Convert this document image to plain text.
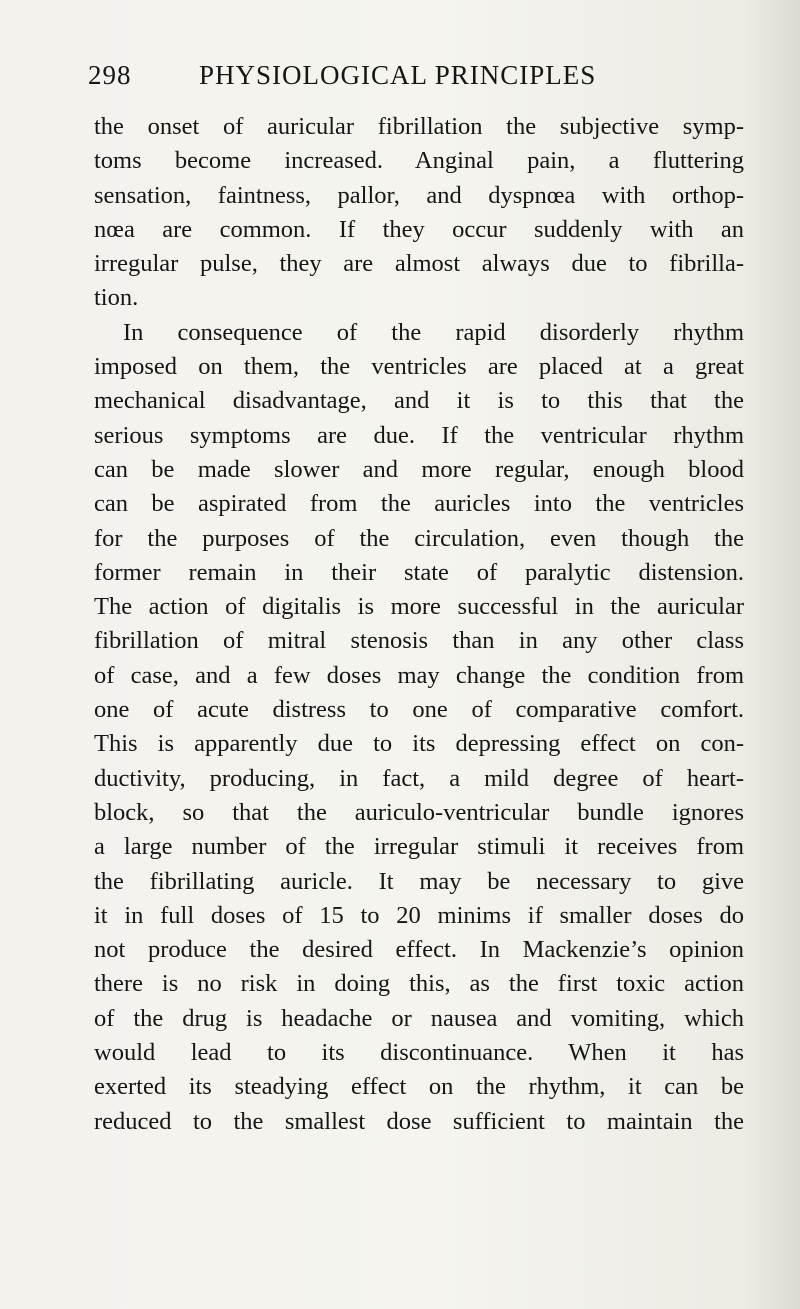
298	PHYSIOLOGICAL PRINCIPLES
the onset of auricular fibrillation the subjective symp-
toms become increased. Anginal pain, a fluttering
sensation, faintness, pallor, and dyspnœa with orthop-
nœa are common. If they occur suddenly with an
irregular pulse, they are almost always due to fibrilla-
tion.
In consequence of the rapid disorderly rhythm
imposed on them, the ventricles are placed at a great
mechanical disadvantage, and it is to this that the
serious symptoms are due. If the ventricular rhythm
can be made slower and more regular, enough blood
can be aspirated from the auricles into the ventricles
for the purposes of the circulation, even though the
former remain in their state of paralytic distension.
The action of digitalis is more successful in the auricular
fibrillation of mitral stenosis than in any other class
of case, and a few doses may change the condition from
one of acute distress to one of comparative comfort.
This is apparently due to its depressing effect on con-
ductivity, producing, in fact, a mild degree of heart-
block, so that the auriculo-ventricular bundle ignores
a large number of the irregular stimuli it receives from
the fibrillating auricle. It may be necessary to give
it in full doses of 15 to 20 minims if smaller doses do
not produce the desired effect. In Mackenzie’s opinion
there is no risk in doing this, as the first toxic action
of the drug is headache or nausea and vomiting, which
would lead to its discontinuance. When it has
exerted its steadying effect on the rhythm, it can be
reduced to the smallest dose sufficient to maintain the
